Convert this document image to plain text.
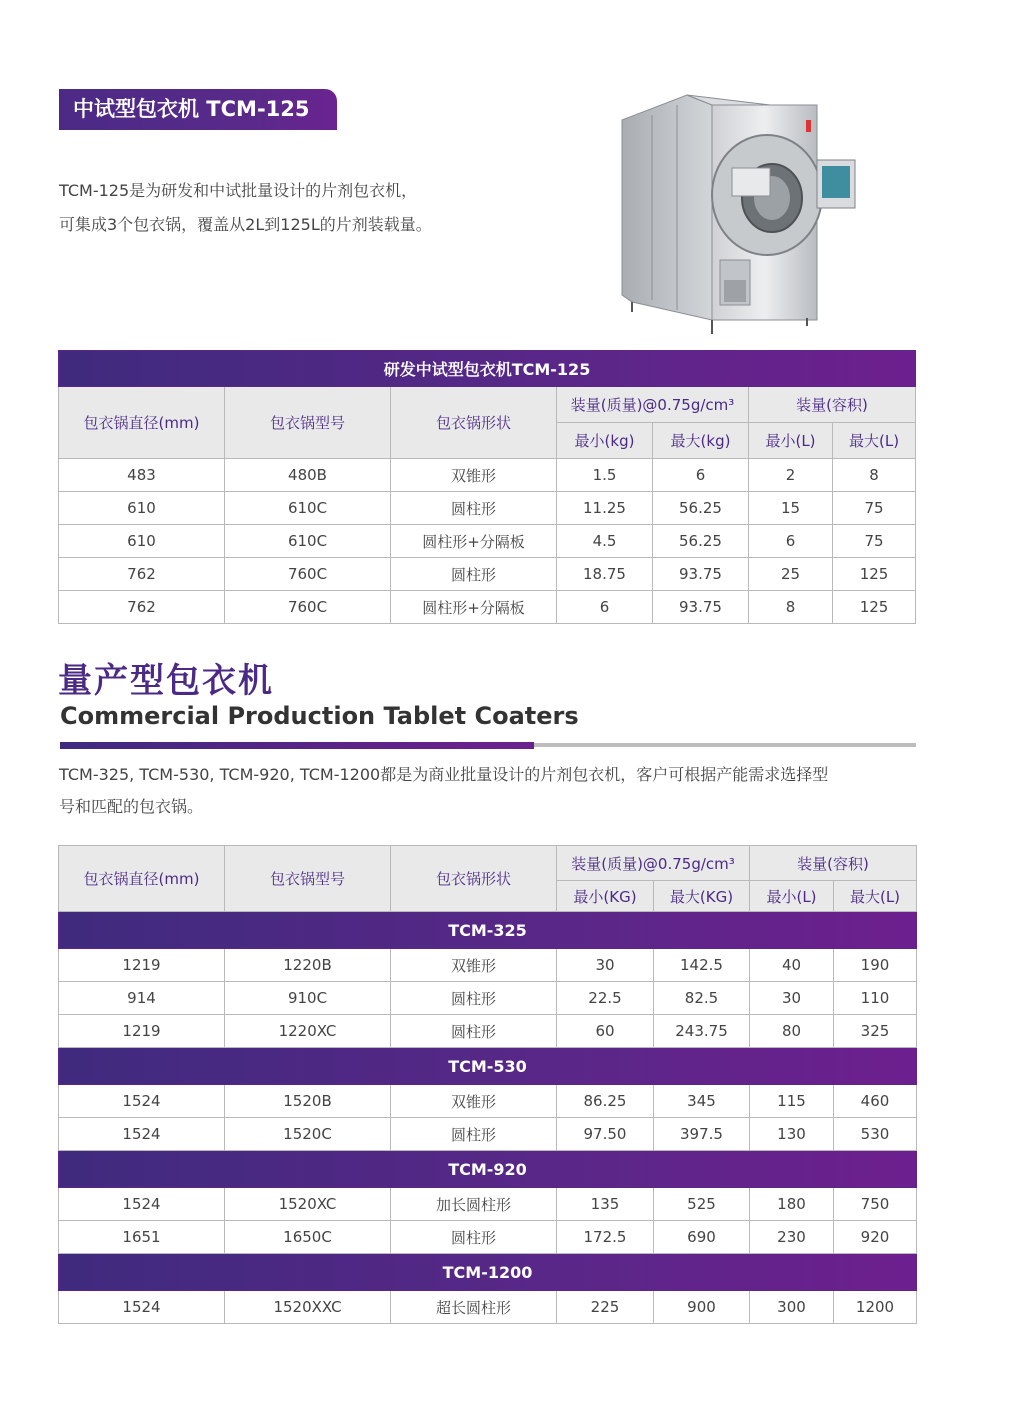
中试型包衣机 TCM-125
TCM-125是为研发和中试批量设计的片剂包衣机，
可集成3个包衣锅，覆盖从2L到125L的片剂装载量。
研发中试型包衣机TCM-125						
包衣锅直径(mm)	包衣锅型号	包衣锅形状	装量(质量)@0.75g/cm³		装量(容积)	
			最小(kg)	最大(kg)	最小(L)	最大(L)
483	480B	双锥形	1.5	6	2	8
610	610C	圆柱形	11.25	56.25	15	75
610	610C	圆柱形+分隔板	4.5	56.25	6	75
762	760C	圆柱形	18.75	93.75	25	125
762	760C	圆柱形+分隔板	6	93.75	8	125
量产型包衣机
Commercial Production Tablet Coaters
TCM-325, TCM-530, TCM-920, TCM-1200都是为商业批量设计的片剂包衣机，客户可根据产能需求选择型
号和匹配的包衣锅。
包衣锅直径(mm)	包衣锅型号	包衣锅形状	装量(质量)@0.75g/cm³		装量(容积)	
			最小(KG)	最大(KG)	最小(L)	最大(L)
TCM-325						
1219	1220B	双锥形	30	142.5	40	190
914	910C	圆柱形	22.5	82.5	30	110
1219	1220XC	圆柱形	60	243.75	80	325
TCM-530						
1524	1520B	双锥形	86.25	345	115	460
1524	1520C	圆柱形	97.50	397.5	130	530
TCM-920						
1524	1520XC	加长圆柱形	135	525	180	750
1651	1650C	圆柱形	172.5	690	230	920
TCM-1200						
1524	1520XXC	超长圆柱形	225	900	300	1200
